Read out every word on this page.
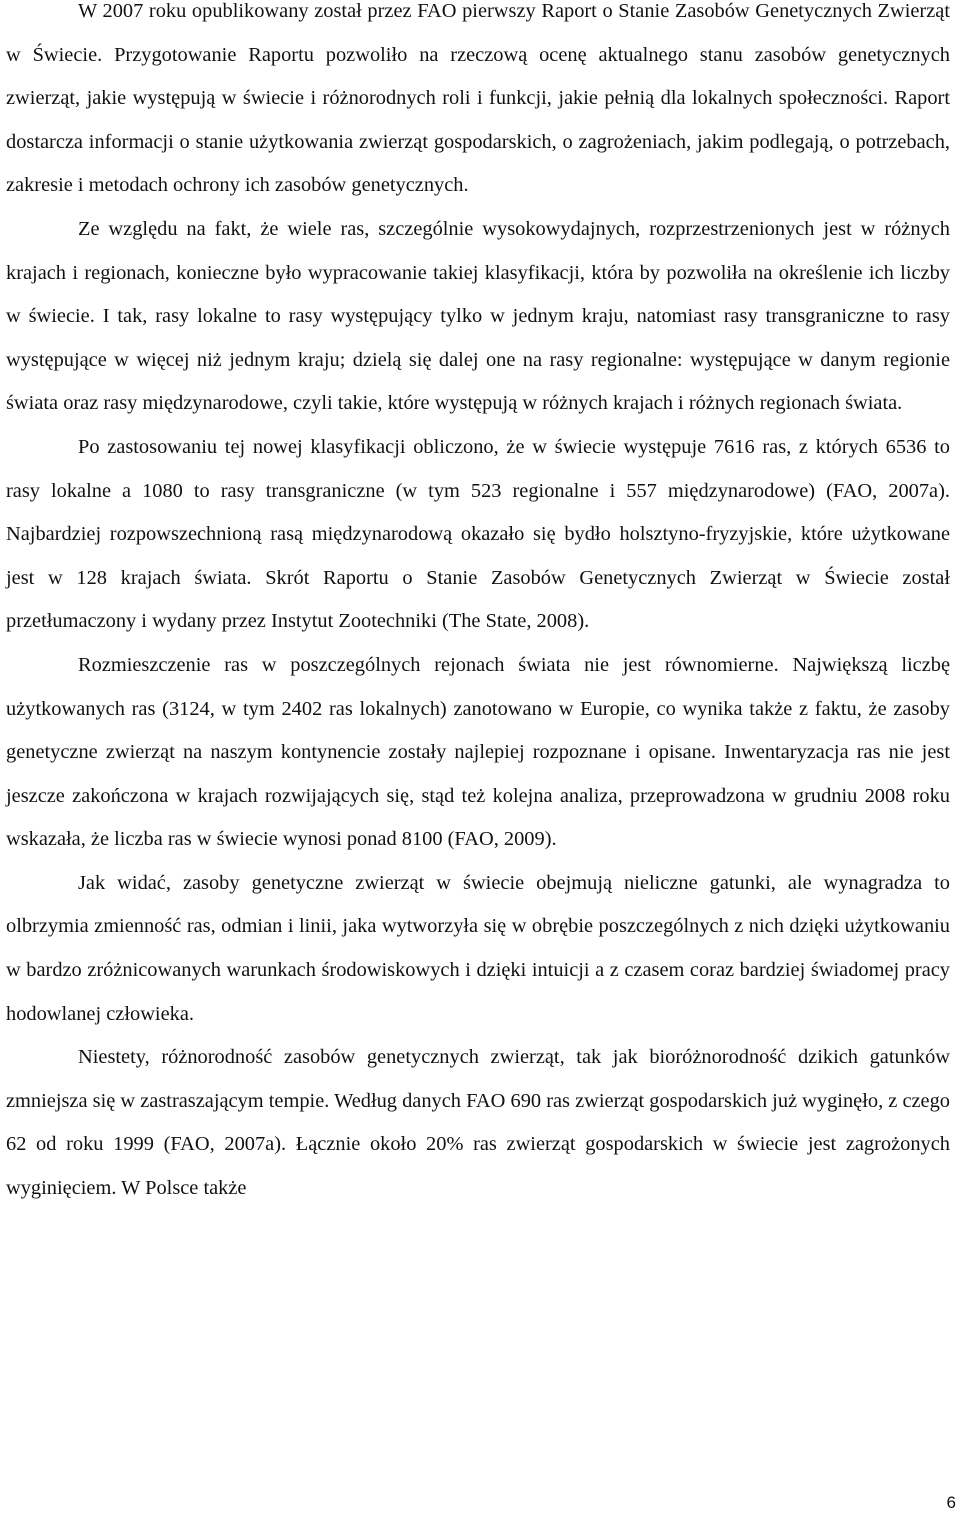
W 2007 roku opublikowany został przez FAO pierwszy Raport o Stanie Zasobów Genetycznych Zwierząt w Świecie. Przygotowanie Raportu pozwoliło na rzeczową ocenę aktualnego stanu zasobów genetycznych zwierząt, jakie występują w świecie i różnorodnych roli i funkcji, jakie pełnią dla lokalnych społeczności. Raport dostarcza informacji o stanie użytkowania zwierząt gospodarskich, o zagrożeniach, jakim podlegają, o potrzebach, zakresie i metodach ochrony ich zasobów genetycznych.

Ze względu na fakt, że wiele ras, szczególnie wysokowydajnych, rozprzestrzenionych jest w różnych krajach i regionach, konieczne było wypracowanie takiej klasyfikacji, która by pozwoliła na określenie ich liczby w świecie. I tak, rasy lokalne to rasy występujący tylko w jednym kraju, natomiast rasy transgraniczne to rasy występujące w więcej niż jednym kraju; dzielą się dalej one na rasy regionalne: występujące w danym regionie świata oraz rasy międzynarodowe, czyli takie, które występują w różnych krajach i różnych regionach świata.

Po zastosowaniu tej nowej klasyfikacji obliczono, że w świecie występuje 7616 ras, z których 6536 to rasy lokalne a 1080 to rasy transgraniczne (w tym 523 regionalne i 557 międzynarodowe) (FAO, 2007a). Najbardziej rozpowszechnioną rasą międzynarodową okazało się bydło holsztyno-fryzyjskie, które użytkowane jest w 128 krajach świata. Skrót Raportu o Stanie Zasobów Genetycznych Zwierząt w Świecie został przetłumaczony i wydany przez Instytut Zootechniki (The State, 2008).

Rozmieszczenie ras w poszczególnych rejonach świata nie jest równomierne. Największą liczbę użytkowanych ras (3124, w tym 2402 ras lokalnych) zanotowano w Europie, co wynika także z faktu, że zasoby genetyczne zwierząt na naszym kontynencie zostały najlepiej rozpoznane i opisane. Inwentaryzacja ras nie jest jeszcze zakończona w krajach rozwijających się, stąd też kolejna analiza, przeprowadzona w grudniu 2008 roku wskazała, że liczba ras w świecie wynosi ponad 8100 (FAO, 2009).

Jak widać, zasoby genetyczne zwierząt w świecie obejmują nieliczne gatunki, ale wynagradza to olbrzymia zmienność ras, odmian i linii, jaka wytworzyła się w obrębie poszczególnych z nich dzięki użytkowaniu w bardzo zróżnicowanych warunkach środowiskowych i dzięki intuicji a z czasem coraz bardziej świadomej pracy hodowlanej człowieka.

Niestety, różnorodność zasobów genetycznych zwierząt, tak jak bioróżnorodność dzikich gatunków zmniejsza się w zastraszającym tempie. Według danych FAO 690 ras zwierząt gospodarskich już wyginęło, z czego 62 od roku 1999 (FAO, 2007a). Łącznie około 20% ras zwierząt gospodarskich w świecie jest zagrożonych wyginięciem. W Polsce także

6
